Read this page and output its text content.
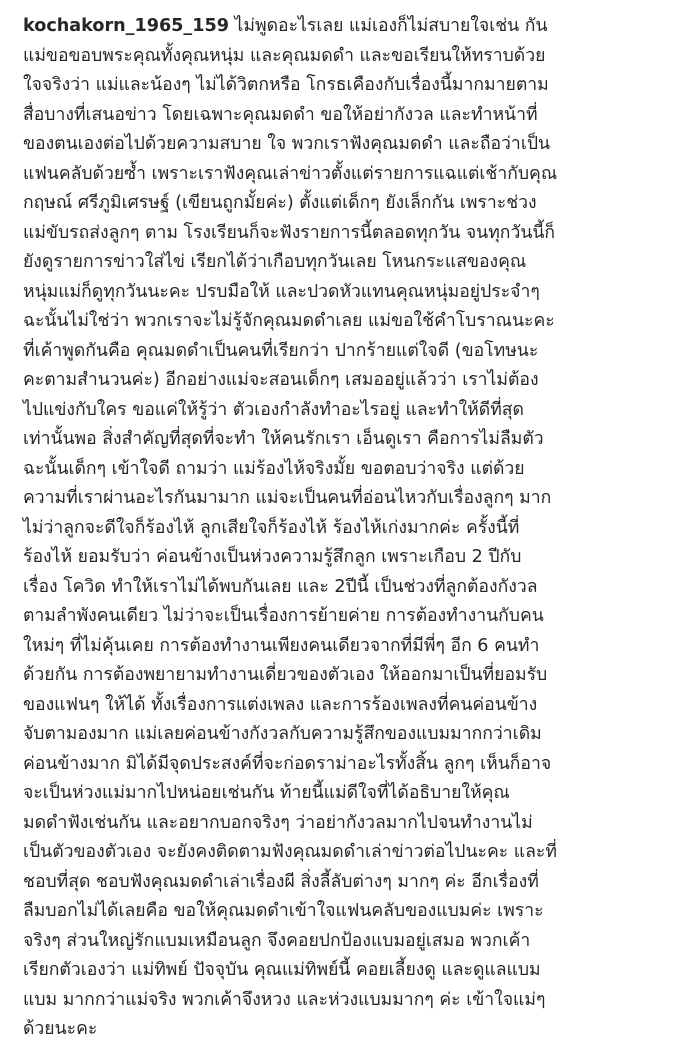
kochakorn_1965_159 ไม่พูดอะไรเลย แม่เองก็ไม่สบายใจเช่น กัน
แม่ขอขอบพระคุณทั้งคุณหนุ่ม และคุณมดดำ และขอเรียนให้ทราบด้วย
ใจจริงว่า แม่และน้องๆ ไม่ได้วิตกหรือ โกรธเคืองกับเรื่องนี้มากมายตาม
สื่อบางที่เสนอข่าว โดยเฉพาะคุณมดดำ ขอให้อย่ากังวล และทำหน้าที่
ของตนเองต่อไปด้วยความสบาย ใจ พวกเราฟังคุณมดดำ และถือว่าเป็น
แฟนคลับด้วยซ้ำ เพราะเราฟังคุณเล่าข่าวตั้งแต่รายการแฉแต่เช้ากับคุณ
กฤษณ์ ศรีภูมิเศรษฐ์ (เขียนถูกมั้ยค่ะ) ตั้งแต่เด็กๆ ยังเล็กกัน เพราะช่วง
แม่ขับรถส่งลูกๆ ตาม โรงเรียนก็จะฟังรายการนี้ตลอดทุกวัน จนทุกวันนี้ก็
ยังดูรายการข่าวใส่ไข่ เรียกได้ว่าเกือบทุกวันเลย โหนกระแสของคุณ
หนุ่มแม่ก็ดูทุกวันนะคะ ปรบมือให้ และปวดหัวแทนคุณหนุ่มอยู่ประจำๆ
ฉะนั้นไม่ใช่ว่า พวกเราจะไม่รู้จักคุณมดดำเลย แม่ขอใช้คำโบราณนะคะ
ที่เค้าพูดกันคือ คุณมดดำเป็นคนที่เรียกว่า ปากร้ายแต่ใจดี (ขอโทษนะ
คะตามสำนวนค่ะ) อีกอย่างแม่จะสอนเด็กๆ เสมออยู่แล้วว่า เราไม่ต้อง
ไปแข่งกับใคร ขอแค่ให้รู้ว่า ตัวเองกำลังทำอะไรอยู่ และทำให้ดีที่สุด
เท่านั้นพอ สิ่งสำคัญที่สุดที่จะทำ ให้คนรักเรา เอ็นดูเรา คือการไม่ลืมตัว
ฉะนั้นเด็กๆ เข้าใจดี ถามว่า แม่ร้องไห้จริงมั้ย ขอตอบว่าจริง แต่ด้วย
ความที่เราผ่านอะไรกันมามาก แม่จะเป็นคนที่อ่อนไหวกับเรื่องลูกๆ มาก
ไม่ว่าลูกจะดีใจก็ร้องไห้ ลูกเสียใจก็ร้องไห้ ร้องไห้เก่งมากค่ะ ครั้งนี้ที่
ร้องไห้ ยอมรับว่า ค่อนข้างเป็นห่วงความรู้สึกลูก เพราะเกือบ 2 ปีกับ
เรื่อง โควิด ทำให้เราไม่ได้พบกันเลย และ 2ปีนี้ เป็นช่วงที่ลูกต้องกังวล
ตามลำพังคนเดียว ไม่ว่าจะเป็นเรื่องการย้ายค่าย การต้องทำงานกับคน
ใหม่ๆ ที่ไม่คุ้นเคย การต้องทำงานเพียงคนเดียวจากที่มีพี่ๆ อีก 6 คนทำ
ด้วยกัน การต้องพยายามทำงานเดี่ยวของตัวเอง ให้ออกมาเป็นที่ยอมรับ
ของแฟนๆ ให้ได้ ทั้งเรื่องการแต่งเพลง และการร้องเพลงที่คนค่อนข้าง
จับตามองมาก แม่เลยค่อนข้างกังวลกับความรู้สึกของแบมมากกว่าเดิม
ค่อนข้างมาก มิได้มีจุดประสงค์ที่จะก่อดราม่าอะไรทั้งสิ้น ลูกๆ เห็นก็อาจ
จะเป็นห่วงแม่มากไปหน่อยเช่นกัน ท้ายนี้แม่ดีใจที่ได้อธิบายให้คุณ
มดดำฟังเช่นกัน และอยากบอกจริงๆ ว่าอย่ากังวลมากไปจนทำงานไม่
เป็นตัวของตัวเอง จะยังคงติดตามฟังคุณมดดำเล่าข่าวต่อไปนะคะ และที่
ชอบที่สุด ชอบฟังคุณมดดำเล่าเรื่องผี สิ่งลี้ลับต่างๆ มากๆ ค่ะ อีกเรื่องที่
ลืมบอกไม่ได้เลยคือ ขอให้คุณมดดำเข้าใจแฟนคลับของแบมค่ะ เพราะ
จริงๆ ส่วนใหญ่รักแบมเหมือนลูก จึงคอยปกป้องแบมอยู่เสมอ พวกเค้า
เรียกตัวเองว่า แม่ทิพย์ ปัจจุบัน คุณแม่ทิพย์นี้ คอยเลี้ยงดู และดูแลแบม
แบม มากกว่าแม่จริง พวกเค้าจึงหวง และห่วงแบมมากๆ ค่ะ เข้าใจแม่ๆ
ด้วยนะคะ
